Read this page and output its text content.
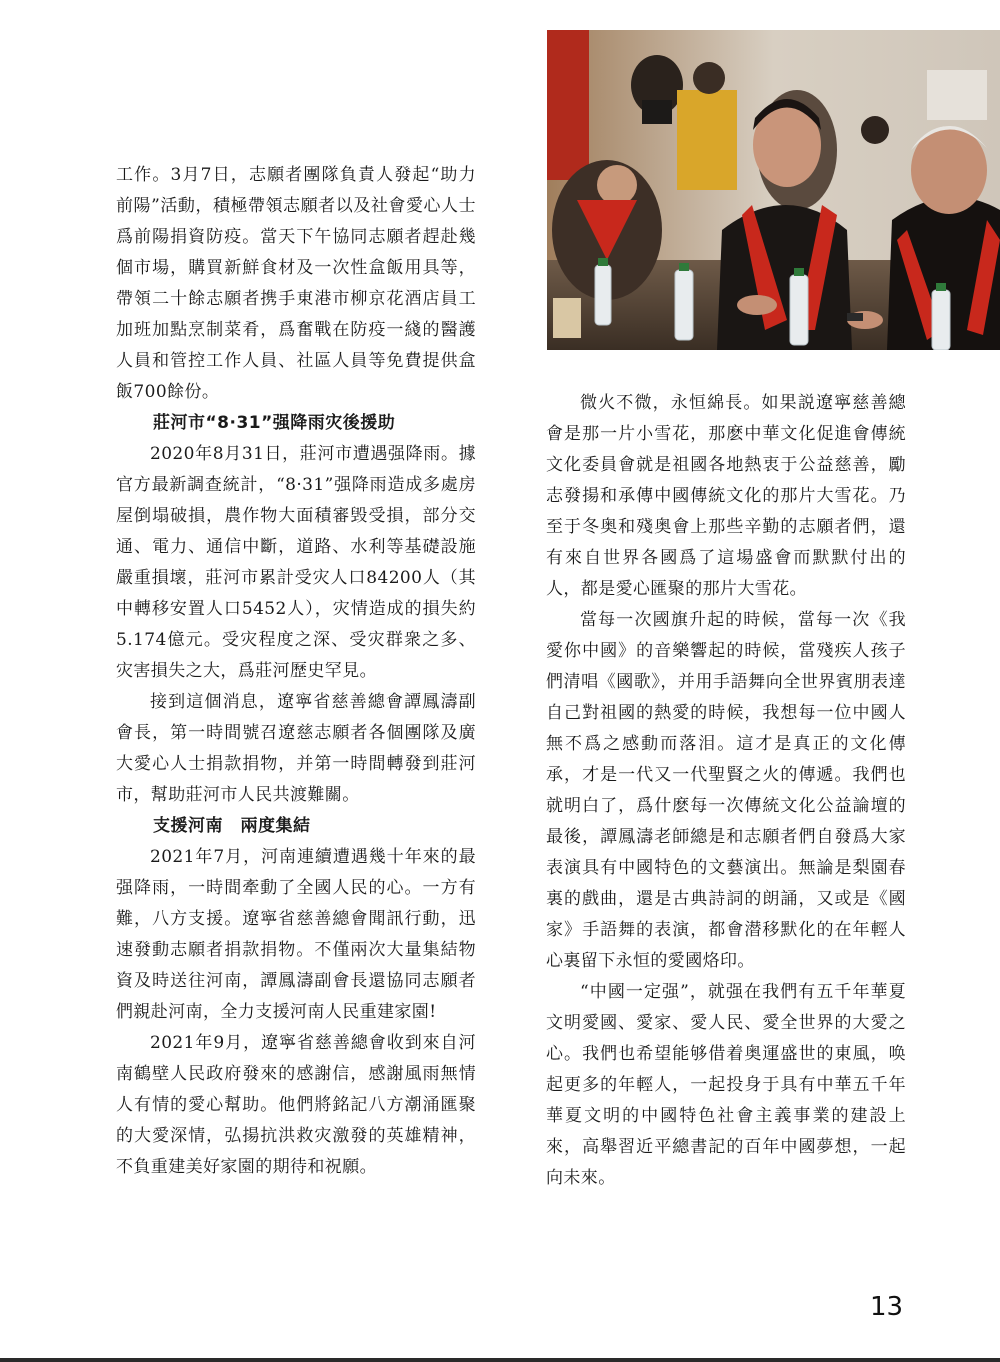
工作。3月7日，志願者團隊負責人發起“助力前陽”活動，積極帶領志願者以及社會愛心人士爲前陽捐資防疫。當天下午協同志願者趕赴幾個市場，購買新鮮食材及一次性盒飯用具等，帶領二十餘志願者携手東港市柳京花酒店員工加班加點烹制菜肴，爲奮戰在防疫一綫的醫護人員和管控工作人員、社區人員等免費提供盒飯700餘份。

莊河市“8·31”强降雨灾後援助

2020年8月31日，莊河市遭遇强降雨。據官方最新調查統計，“8·31”强降雨造成多處房屋倒塌破損，農作物大面積審毁受損，部分交通、電力、通信中斷，道路、水利等基礎設施嚴重損壞，莊河市累計受灾人口84200人（其中轉移安置人口5452人），灾情造成的損失約5.174億元。受灾程度之深、受灾群衆之多、灾害損失之大，爲莊河歷史罕見。

接到這個消息，遼寧省慈善總會譚鳳濤副會長，第一時間號召遼慈志願者各個團隊及廣大愛心人士捐款捐物，并第一時間轉發到莊河市，幫助莊河市人民共渡難關。

支援河南　兩度集結

2021年7月，河南連續遭遇幾十年來的最强降雨，一時間牽動了全國人民的心。一方有難，八方支援。遼寧省慈善總會聞訊行動，迅速發動志願者捐款捐物。不僅兩次大量集結物資及時送往河南，譚鳳濤副會長還協同志願者們親赴河南，全力支援河南人民重建家園!

2021年9月，遼寧省慈善總會收到來自河南鶴壁人民政府發來的感謝信，感謝風雨無情人有情的愛心幫助。他們將銘記八方潮涌匯聚的大愛深情，弘揚抗洪救灾激發的英雄精神，不負重建美好家園的期待和祝願。

微火不微，永恒綿長。如果説遼寧慈善總會是那一片小雪花，那麽中華文化促進會傳統文化委員會就是祖國各地熱衷于公益慈善，勵志發揚和承傳中國傳統文化的那片大雪花。乃至于冬奥和殘奥會上那些辛勤的志願者們，還有來自世界各國爲了這場盛會而默默付出的人，都是愛心匯聚的那片大雪花。

當每一次國旗升起的時候，當每一次《我愛你中國》的音樂響起的時候，當殘疾人孩子們清唱《國歌》，并用手語舞向全世界賓朋表達自己對祖國的熱愛的時候，我想每一位中國人無不爲之感動而落泪。這才是真正的文化傳承，才是一代又一代聖賢之火的傳遞。我們也就明白了，爲什麽每一次傳統文化公益論壇的最後，譚鳳濤老師總是和志願者們自發爲大家表演具有中國特色的文藝演出。無論是梨園春裏的戲曲，還是古典詩詞的朗誦，又或是《國家》手語舞的表演，都會潜移默化的在年輕人心裏留下永恒的愛國烙印。

“中國一定强”，就强在我們有五千年華夏文明愛國、愛家、愛人民、愛全世界的大愛之心。我們也希望能够借着奥運盛世的東風，唤起更多的年輕人，一起投身于具有中華五千年華夏文明的中國特色社會主義事業的建設上來，高舉習近平總書記的百年中國夢想，一起向未來。

13
